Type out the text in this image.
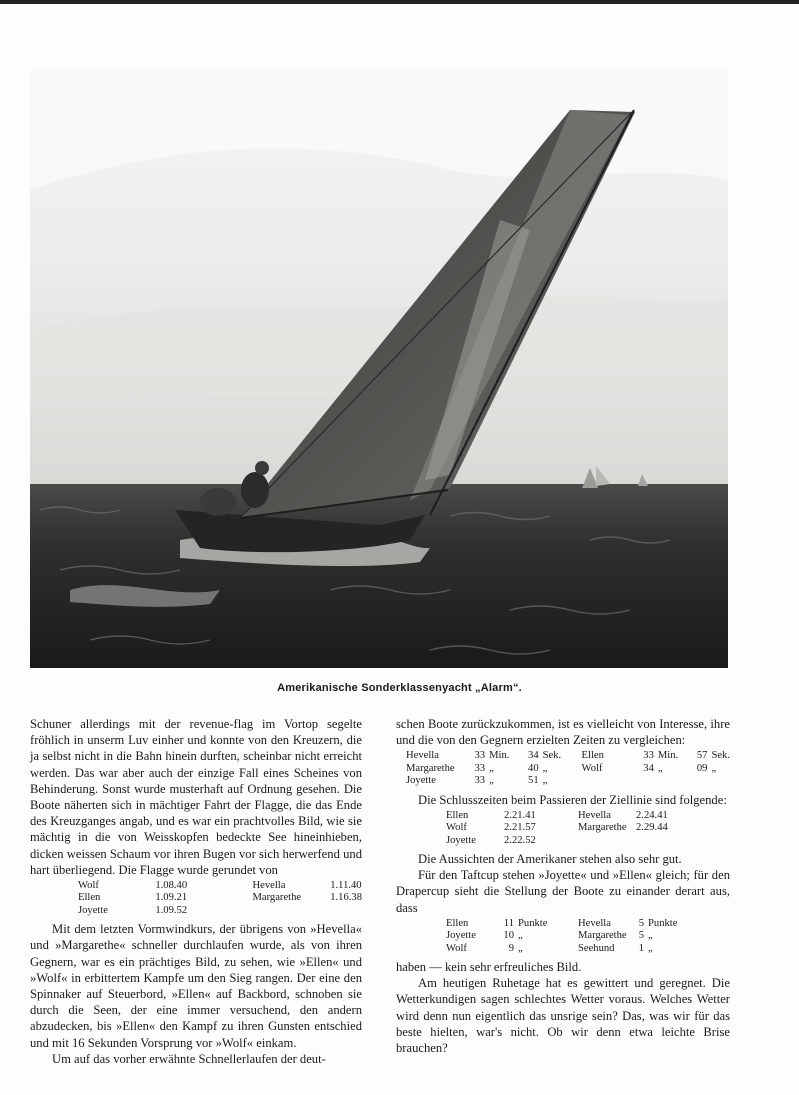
Amerikanische Sonderklassenyacht „Alarm“.

Schuner allerdings mit der revenue-flag im Vortop segelte fröhlich in unserm Luv einher und konnte von den Kreuzern, die ja selbst nicht in die Bahn hinein durften, scheinbar nicht erreicht werden. Das war aber auch der einzige Fall eines Scheines von Behinderung. Sonst wurde musterhaft auf Ordnung gesehen. Die Boote näherten sich in mächtiger Fahrt der Flagge, die das Ende des Kreuzganges angab, und es war ein prachtvolles Bild, wie sie mächtig in die von Weisskopfen bedeckte See hineinhieben, dicken weissen Schaum vor ihren Bugen vor sich herwerfend und hart überliegend. Die Flagge wurde gerundet von

Wolf	1.08.40	Hevella	1.11.40
Ellen	1.09.21	Margarethe	1.16.38
Joyette	1.09.52		

Mit dem letzten Vormwindkurs, der übrigens von »Hevella« und »Margarethe« schneller durchlaufen wurde, als von ihren Gegnern, war es ein prächtiges Bild, zu sehen, wie »Ellen« und »Wolf« in erbittertem Kampfe um den Sieg rangen. Der eine den Spinnaker auf Steuerbord, »Ellen« auf Backbord, schnoben sie durch die Seen, der eine immer versuchend, den andern abzudecken, bis »Ellen« den Kampf zu ihren Gunsten entschied und mit 16 Sekunden Vorsprung vor »Wolf« einkam.

Um auf das vorher erwähnte Schnellerlaufen der deut-

schen Boote zurückzukommen, ist es vielleicht von Interesse, ihre und die von den Gegnern erzielten Zeiten zu vergleichen:

Hevella	33	Min.	34	Sek.	Ellen	33	Min.	57	Sek.
Margarethe	33	„	40	„	Wolf	34	„	09	„
Joyette	33	„	51	„					

Die Schlusszeiten beim Passieren der Ziellinie sind folgende:

Ellen	2.21.41	Hevella	2.24.41
Wolf	2.21.57	Margarethe	2.29.44
Joyette	2.22.52		

Die Aussichten der Amerikaner stehen also sehr gut.

Für den Taftcup stehen »Joyette« und »Ellen« gleich; für den Drapercup sieht die Stellung der Boote zu einander derart aus, dass

Ellen	11	Punkte	Hevella	5	Punkte
Joyette	10	„	Margarethe	5	„
Wolf	9	„	Seehund	1	„

haben — kein sehr erfreuliches Bild.

Am heutigen Ruhetage hat es gewittert und geregnet. Die Wetterkundigen sagen schlechtes Wetter voraus. Welches Wetter wird denn nun eigentlich das unsrige sein? Das, was wir für das beste hielten, war's nicht. Ob wir denn etwa leichte Brise brauchen?
